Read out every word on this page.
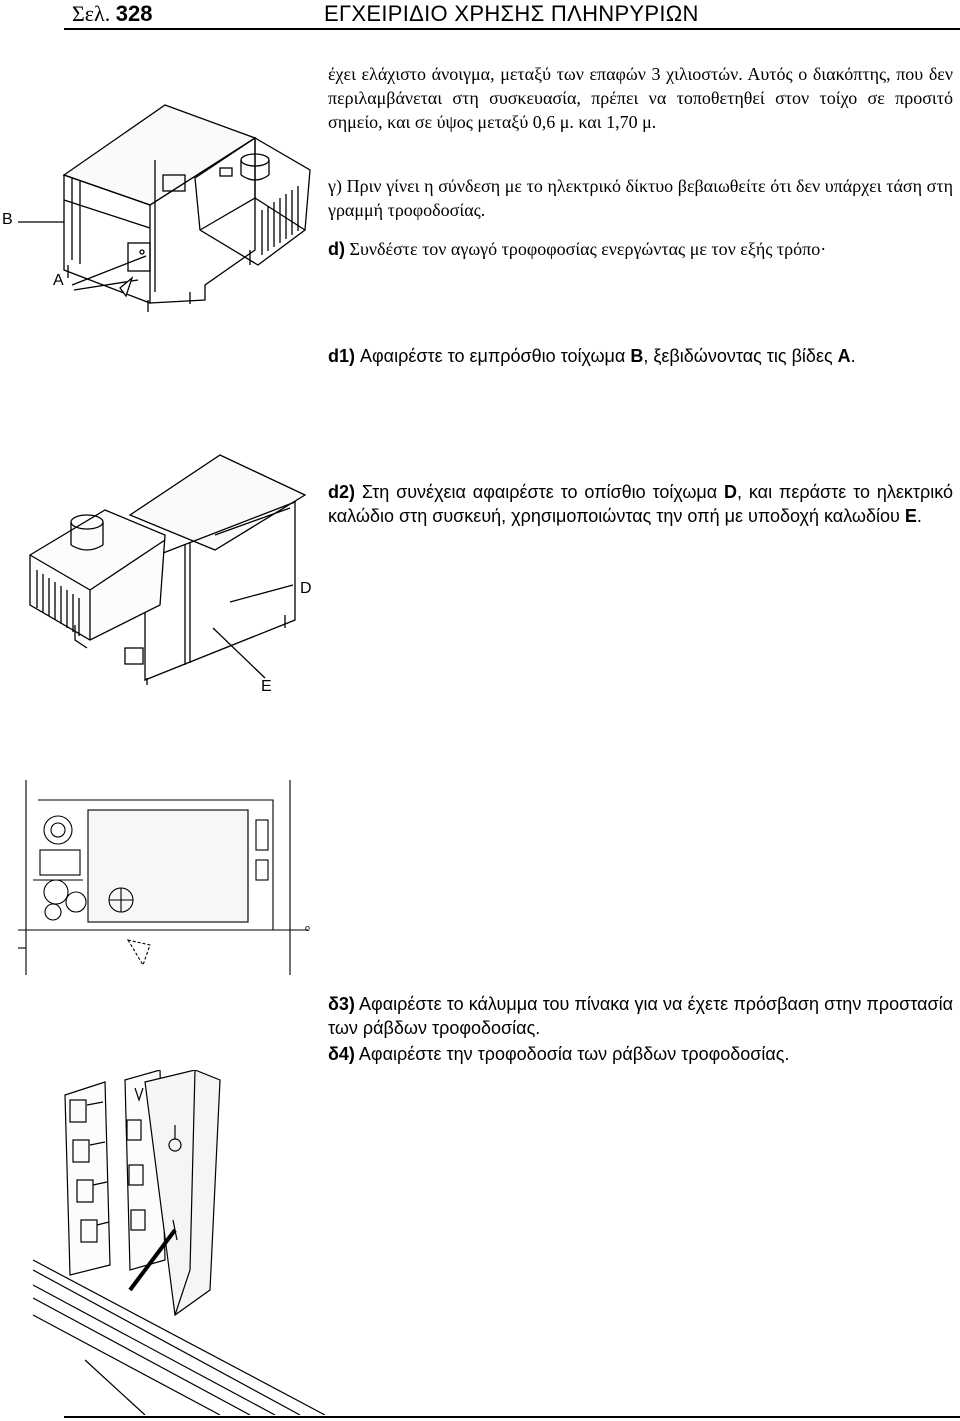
Σελ. 328	ΕΓΧΕΙΡΙΔΙΟ ΧΡΗΣΗΣ ΠΛΗΝΡΥΡΙΩΝ
έχει ελάχιστο άνοιγμα, μεταξύ των επαφών 3 χιλιοστών. Αυτός ο διακόπτης, που δεν περιλαμβάνεται στη συσκευασία, πρέπει να τοποθετηθεί στον τοίχο σε προσιτό σημείο, και σε ύψος μεταξύ 0,6 μ. και 1,70 μ.
γ) Πριν γίνει η σύνδεση με το ηλεκτρικό δίκτυο βεβαιωθείτε ότι δεν υπάρχει τάση στη γραμμή τροφοδοσίας.
d) Συνδέστε τον αγωγό τροφοφοσίας ενεργώντας με τον εξής τρόπο·
d1) Αφαιρέστε το εμπρόσθιο τοίχωμα B, ξεβιδώνοντας τις βίδες A.
d2) Στη συνέχεια αφαιρέστε το οπίσθιο τοίχωμα D, και περάστε το ηλεκτρικό καλώδιο στη συσκευή, χρησιμοποιώντας την οπή με υποδοχή καλωδίου E.
δ3) Αφαιρέστε το κάλυμμα του πίνακα για να έχετε πρόσβαση στην προστασία των ράβδων τροφοδοσίας.
δ4) Αφαιρέστε την τροφοδοσία των ράβδων τροφοδοσίας.
B
A
D
E
o
